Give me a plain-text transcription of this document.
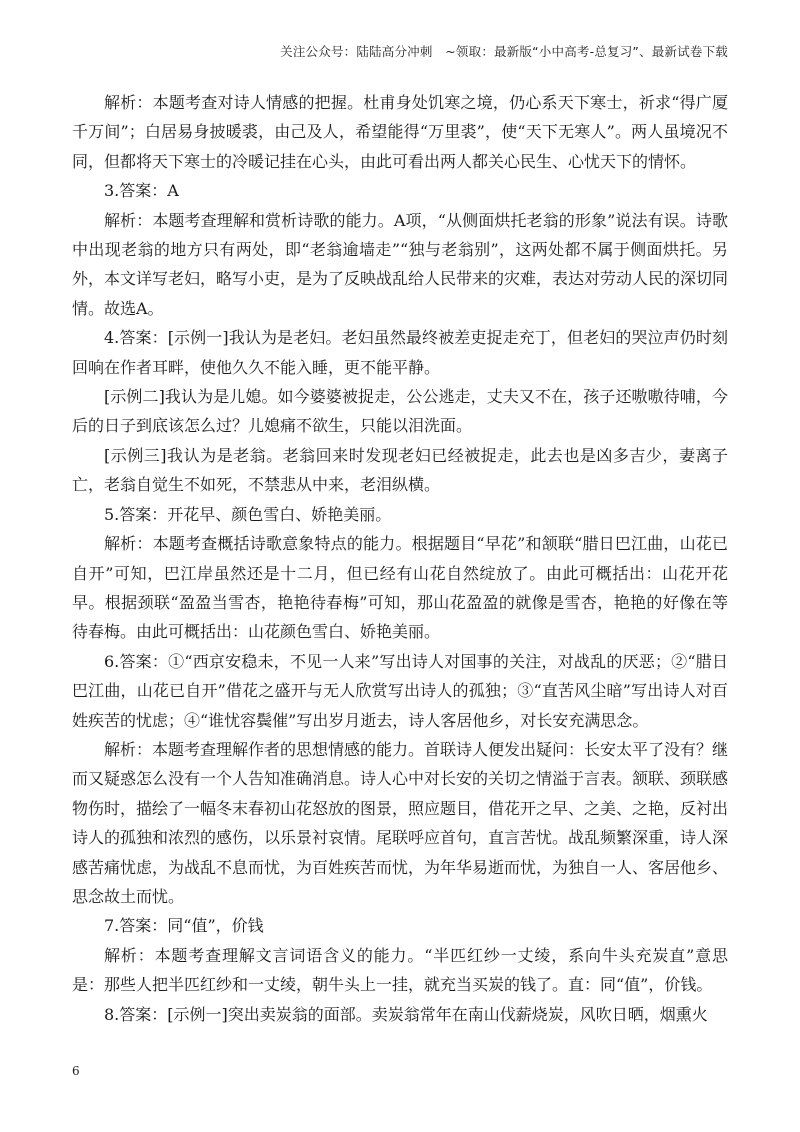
关注公众号：陆陆高分冲刺　~领取：最新版“小中高考-总复习”、最新试卷下载

解析：本题考查对诗人情感的把握。杜甫身处饥寒之境，仍心系天下寒士，祈求“得广厦千万间”；白居易身披暖裘，由己及人，希望能得“万里裘”，使“天下无寒人”。两人虽境况不同，但都将天下寒士的冷暖记挂在心头，由此可看出两人都关心民生、心忧天下的情怀。

3.答案：A

解析：本题考查理解和赏析诗歌的能力。A项，“从侧面烘托老翁的形象”说法有误。诗歌中出现老翁的地方只有两处，即“老翁逾墙走”“独与老翁别”，这两处都不属于侧面烘托。另外，本文详写老妇，略写小吏，是为了反映战乱给人民带来的灾难，表达对劳动人民的深切同情。故选A。

4.答案：[示例一]我认为是老妇。老妇虽然最终被差吏捉走充丁，但老妇的哭泣声仍时刻回响在作者耳畔，使他久久不能入睡，更不能平静。

[示例二]我认为是儿媳。如今婆婆被捉走，公公逃走，丈夫又不在，孩子还嗷嗷待哺，今后的日子到底该怎么过？儿媳痛不欲生，只能以泪洗面。

[示例三]我认为是老翁。老翁回来时发现老妇已经被捉走，此去也是凶多吉少，妻离子亡，老翁自觉生不如死，不禁悲从中来，老泪纵横。

5.答案：开花早、颜色雪白、娇艳美丽。

解析：本题考查概括诗歌意象特点的能力。根据题目“早花”和颔联“腊日巴江曲，山花已自开”可知，巴江岸虽然还是十二月，但已经有山花自然绽放了。由此可概括出：山花开花早。根据颈联“盈盈当雪杏，艳艳待春梅”可知，那山花盈盈的就像是雪杏，艳艳的好像在等待春梅。由此可概括出：山花颜色雪白、娇艳美丽。

6.答案：①“西京安稳未，不见一人来”写出诗人对国事的关注，对战乱的厌恶；②“腊日巴江曲，山花已自开”借花之盛开与无人欣赏写出诗人的孤独；③“直苦风尘暗”写出诗人对百姓疾苦的忧虑；④“谁忧容鬓催”写出岁月逝去，诗人客居他乡，对长安充满思念。

解析：本题考查理解作者的思想情感的能力。首联诗人便发出疑问：长安太平了没有？继而又疑惑怎么没有一个人告知准确消息。诗人心中对长安的关切之情溢于言表。颔联、颈联感物伤时，描绘了一幅冬末春初山花怒放的图景，照应题目，借花开之早、之美、之艳，反衬出诗人的孤独和浓烈的感伤，以乐景衬哀情。尾联呼应首句，直言苦忧。战乱频繁深重，诗人深感苦痛忧虑，为战乱不息而忧，为百姓疾苦而忧，为年华易逝而忧，为独自一人、客居他乡、思念故土而忧。

7.答案：同“值”，价钱

解析：本题考查理解文言词语含义的能力。“半匹红纱一丈绫，系向牛头充炭直”意思是：那些人把半匹红纱和一丈绫，朝牛头上一挂，就充当买炭的钱了。直：同“值”，价钱。

8.答案：[示例一]突出卖炭翁的面部。卖炭翁常年在南山伐薪烧炭，风吹日晒，烟熏火

6
